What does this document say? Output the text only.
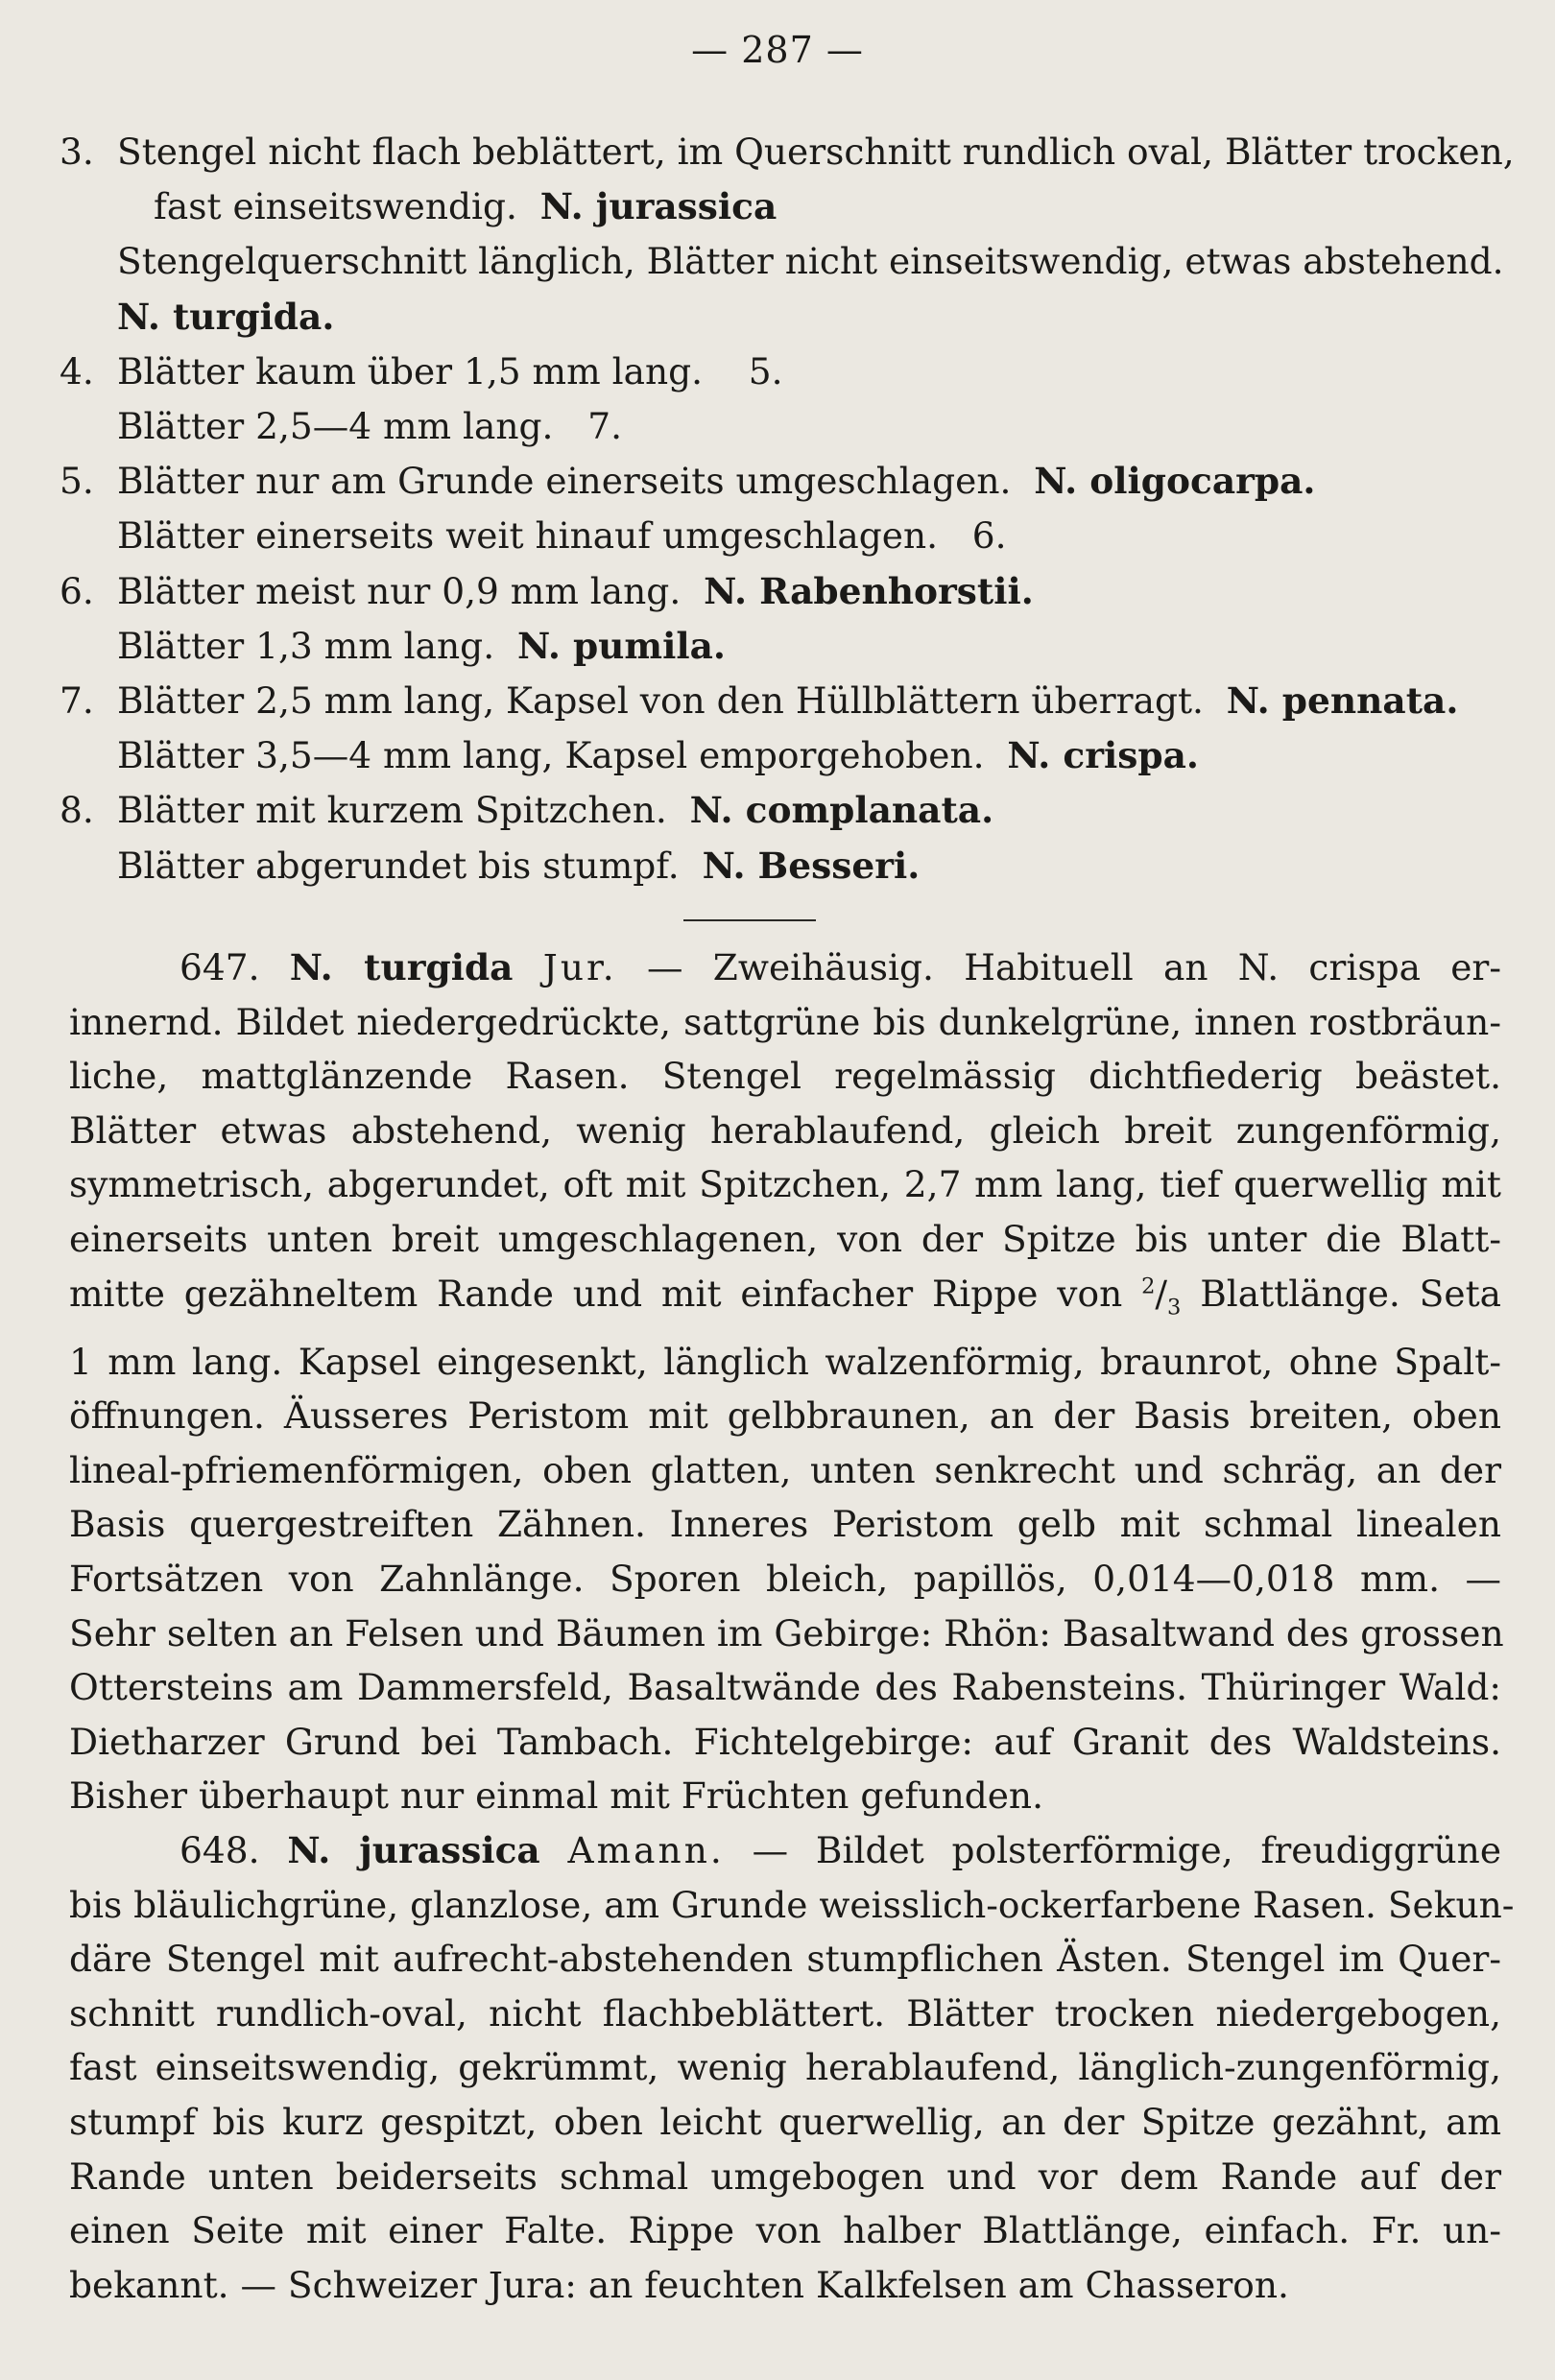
— 287 —
3. Stengel nicht flach beblättert, im Querschnitt rundlich oval, Blätter trocken,
fast einseitswendig. N. jurassica
Stengelquerschnitt länglich, Blätter nicht einseitswendig, etwas abstehend.
N. turgida.
4. Blätter kaum über 1,5 mm lang. 5.
Blätter 2,5—4 mm lang. 7.
5. Blätter nur am Grunde einerseits umgeschlagen. N. oligocarpa.
Blätter einerseits weit hinauf umgeschlagen. 6.
6. Blätter meist nur 0,9 mm lang. N. Rabenhorstii.
Blätter 1,3 mm lang. N. pumila.
7. Blätter 2,5 mm lang, Kapsel von den Hüllblättern überragt. N. pennata.
Blätter 3,5—4 mm lang, Kapsel emporgehoben. N. crispa.
8. Blätter mit kurzem Spitzchen. N. complanata.
Blätter abgerundet bis stumpf. N. Besseri.
647. N. turgida Jur. — Zweihäusig. Habituell an N. crispa er-
innernd. Bildet niedergedrückte, sattgrüne bis dunkelgrüne, innen rostbräun-
liche, mattglänzende Rasen. Stengel regelmässig dichtfiederig beästet.
Blätter etwas abstehend, wenig herablaufend, gleich breit zungenförmig,
symmetrisch, abgerundet, oft mit Spitzchen, 2,7 mm lang, tief querwellig mit
einerseits unten breit umgeschlagenen, von der Spitze bis unter die Blatt-
mitte gezähneltem Rande und mit einfacher Rippe von $^2/_3$ Blattlänge. Seta
1 mm lang. Kapsel eingesenkt, länglich walzenförmig, braunrot, ohne Spalt-
öffnungen. Äusseres Peristom mit gelbbraunen, an der Basis breiten, oben
lineal-pfriemenförmigen, oben glatten, unten senkrecht und schräg, an der
Basis quergestreiften Zähnen. Inneres Peristom gelb mit schmal linealen
Fortsätzen von Zahnlänge. Sporen bleich, papillös, 0,014—0,018 mm. —
Sehr selten an Felsen und Bäumen im Gebirge: Rhön: Basaltwand des grossen
Ottersteins am Dammersfeld, Basaltwände des Rabensteins. Thüringer Wald:
Dietharzer Grund bei Tambach. Fichtelgebirge: auf Granit des Waldsteins.
Bisher überhaupt nur einmal mit Früchten gefunden.
648. N. jurassica Amann. — Bildet polsterförmige, freudiggrüne
bis bläulichgrüne, glanzlose, am Grunde weisslich-ockerfarbene Rasen. Sekun-
däre Stengel mit aufrecht-abstehenden stumpflichen Ästen. Stengel im Quer-
schnitt rundlich-oval, nicht flachbeblättert. Blätter trocken niedergebogen,
fast einseitswendig, gekrümmt, wenig herablaufend, länglich-zungenförmig,
stumpf bis kurz gespitzt, oben leicht querwellig, an der Spitze gezähnt, am
Rande unten beiderseits schmal umgebogen und vor dem Rande auf der
einen Seite mit einer Falte. Rippe von halber Blattlänge, einfach. Fr. un-
bekannt. — Schweizer Jura: an feuchten Kalkfelsen am Chasseron.
